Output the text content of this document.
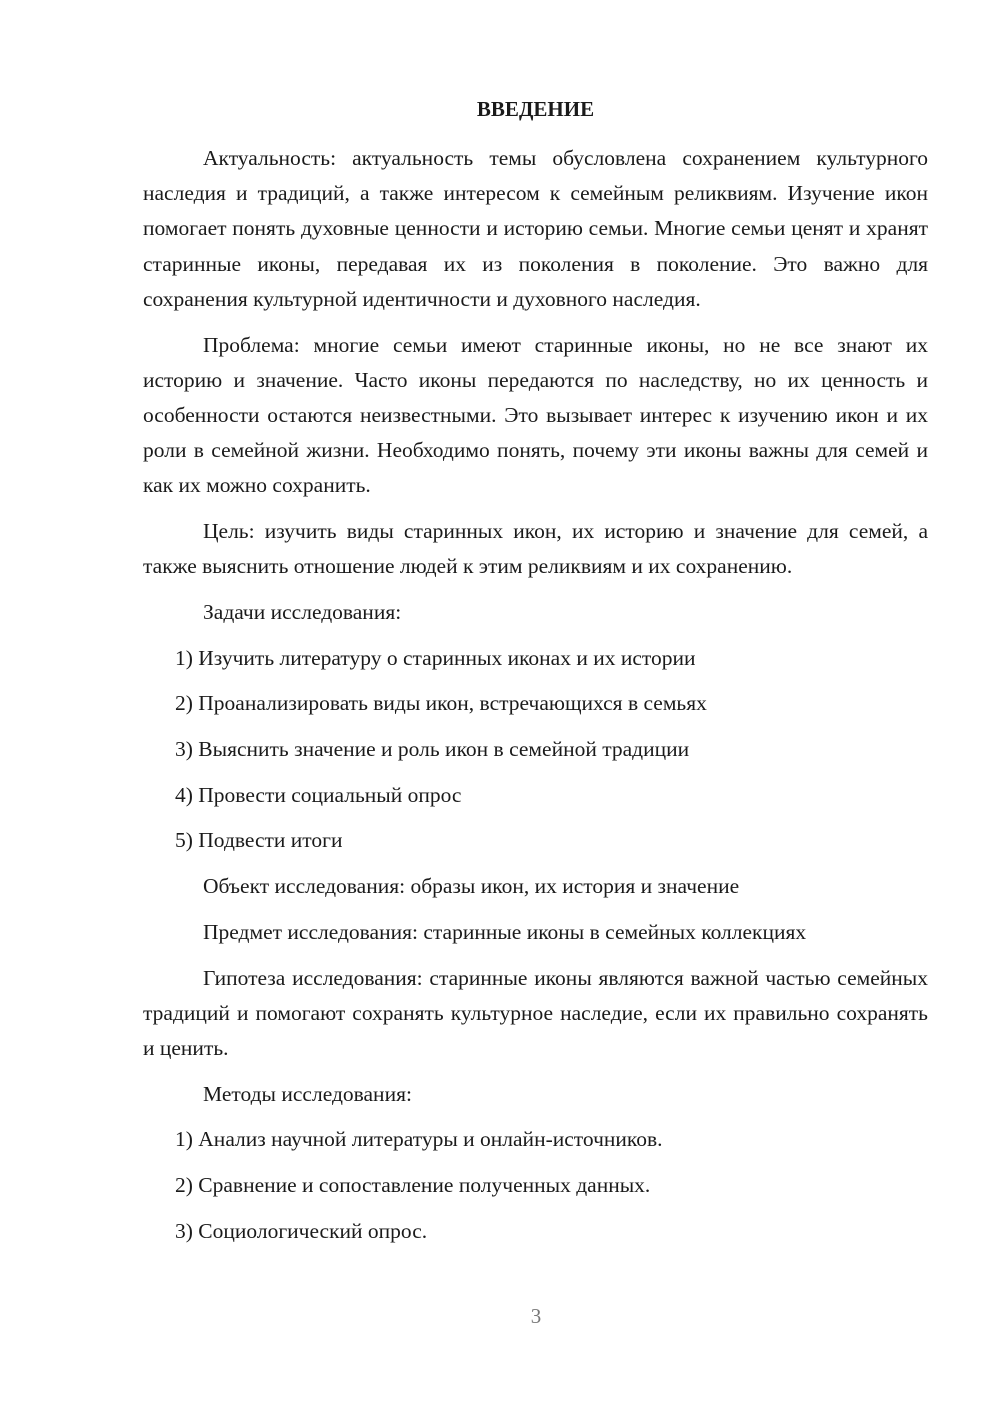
ВВЕДЕНИЕ

Актуальность: актуальность темы обусловлена сохранением культурного наследия и традиций, а также интересом к семейным реликвиям. Изучение икон помогает понять духовные ценности и историю семьи. Многие семьи ценят и хранят старинные иконы, передавая их из поколения в поколение. Это важно для сохранения культурной идентичности и духовного наследия.

Проблема: многие семьи имеют старинные иконы, но не все знают их историю и значение. Часто иконы передаются по наследству, но их ценность и особенности остаются неизвестными. Это вызывает интерес к изучению икон и их роли в семейной жизни. Необходимо понять, почему эти иконы важны для семей и как их можно сохранить.

Цель: изучить виды старинных икон, их историю и значение для семей, а также выяснить отношение людей к этим реликвиям и их сохранению.

Задачи исследования:

1) Изучить литературу о старинных иконах и их истории

2) Проанализировать виды икон, встречающихся в семьях

3) Выяснить значение и роль икон в семейной традиции

4) Провести социальный опрос

5) Подвести итоги

Объект исследования: образы икон, их история и значение

Предмет исследования: старинные иконы в семейных коллекциях

Гипотеза исследования: старинные иконы являются важной частью семейных традиций и помогают сохранять культурное наследие, если их правильно сохранять и ценить.

Методы исследования:

1) Анализ научной литературы и онлайн-источников.

2) Сравнение и сопоставление полученных данных.

3) Социологический опрос.

3
